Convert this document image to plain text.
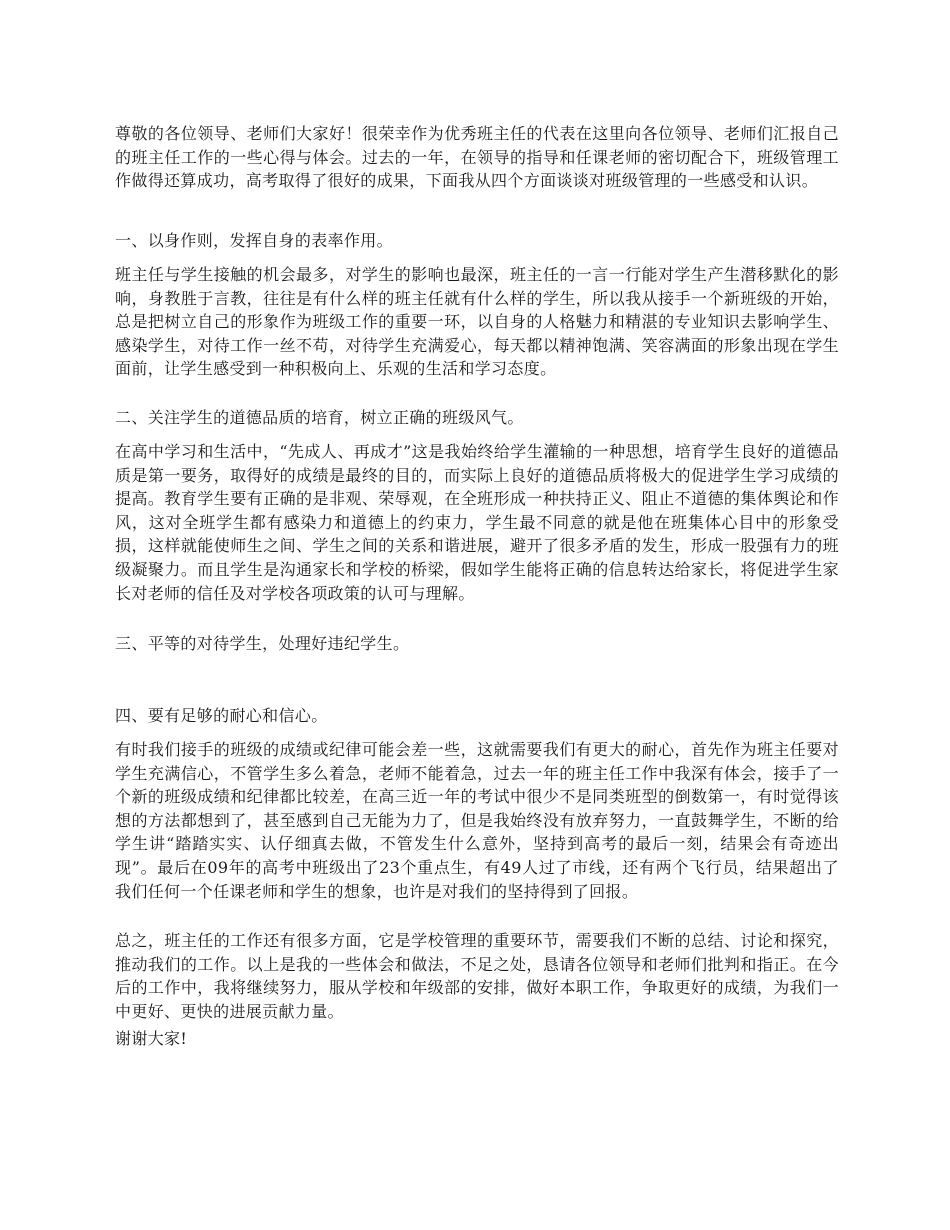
尊敬的各位领导、老师们大家好！很荣幸作为优秀班主任的代表在这里向各位领导、老师们汇报自己的班主任工作的一些心得与体会。过去的一年，在领导的指导和任课老师的密切配合下，班级管理工作做得还算成功，高考取得了很好的成果，下面我从四个方面谈谈对班级管理的一些感受和认识。

一、以身作则，发挥自身的表率作用。

班主任与学生接触的机会最多，对学生的影响也最深，班主任的一言一行能对学生产生潜移默化的影响，身教胜于言教，往往是有什么样的班主任就有什么样的学生，所以我从接手一个新班级的开始，总是把树立自己的形象作为班级工作的重要一环，以自身的人格魅力和精湛的专业知识去影响学生、感染学生，对待工作一丝不苟，对待学生充满爱心，每天都以精神饱满、笑容满面的形象出现在学生面前，让学生感受到一种积极向上、乐观的生活和学习态度。

二、关注学生的道德品质的培育，树立正确的班级风气。

在高中学习和生活中，“先成人、再成才”这是我始终给学生灌输的一种思想，培育学生良好的道德品质是第一要务，取得好的成绩是最终的目的，而实际上良好的道德品质将极大的促进学生学习成绩的提高。教育学生要有正确的是非观、荣辱观，在全班形成一种扶持正义、阻止不道德的集体舆论和作风，这对全班学生都有感染力和道德上的约束力，学生最不同意的就是他在班集体心目中的形象受损，这样就能使师生之间、学生之间的关系和谐进展，避开了很多矛盾的发生，形成一股强有力的班级凝聚力。而且学生是沟通家长和学校的桥梁，假如学生能将正确的信息转达给家长，将促进学生家长对老师的信任及对学校各项政策的认可与理解。

三、平等的对待学生，处理好违纪学生。

四、要有足够的耐心和信心。

有时我们接手的班级的成绩或纪律可能会差一些，这就需要我们有更大的耐心，首先作为班主任要对学生充满信心，不管学生多么着急，老师不能着急，过去一年的班主任工作中我深有体会，接手了一个新的班级成绩和纪律都比较差，在高三近一年的考试中很少不是同类班型的倒数第一，有时觉得该想的方法都想到了，甚至感到自己无能为力了，但是我始终没有放弃努力，一直鼓舞学生，不断的给学生讲“踏踏实实、认仔细真去做，不管发生什么意外，坚持到高考的最后一刻，结果会有奇迹出现”。最后在09年的高考中班级出了23个重点生，有49人过了市线，还有两个飞行员，结果超出了我们任何一个任课老师和学生的想象，也许是对我们的坚持得到了回报。

总之，班主任的工作还有很多方面，它是学校管理的重要环节，需要我们不断的总结、讨论和探究，推动我们的工作。以上是我的一些体会和做法，不足之处，恳请各位领导和老师们批判和指正。在今后的工作中，我将继续努力，服从学校和年级部的安排，做好本职工作，争取更好的成绩，为我们一中更好、更快的进展贡献力量。

谢谢大家!
